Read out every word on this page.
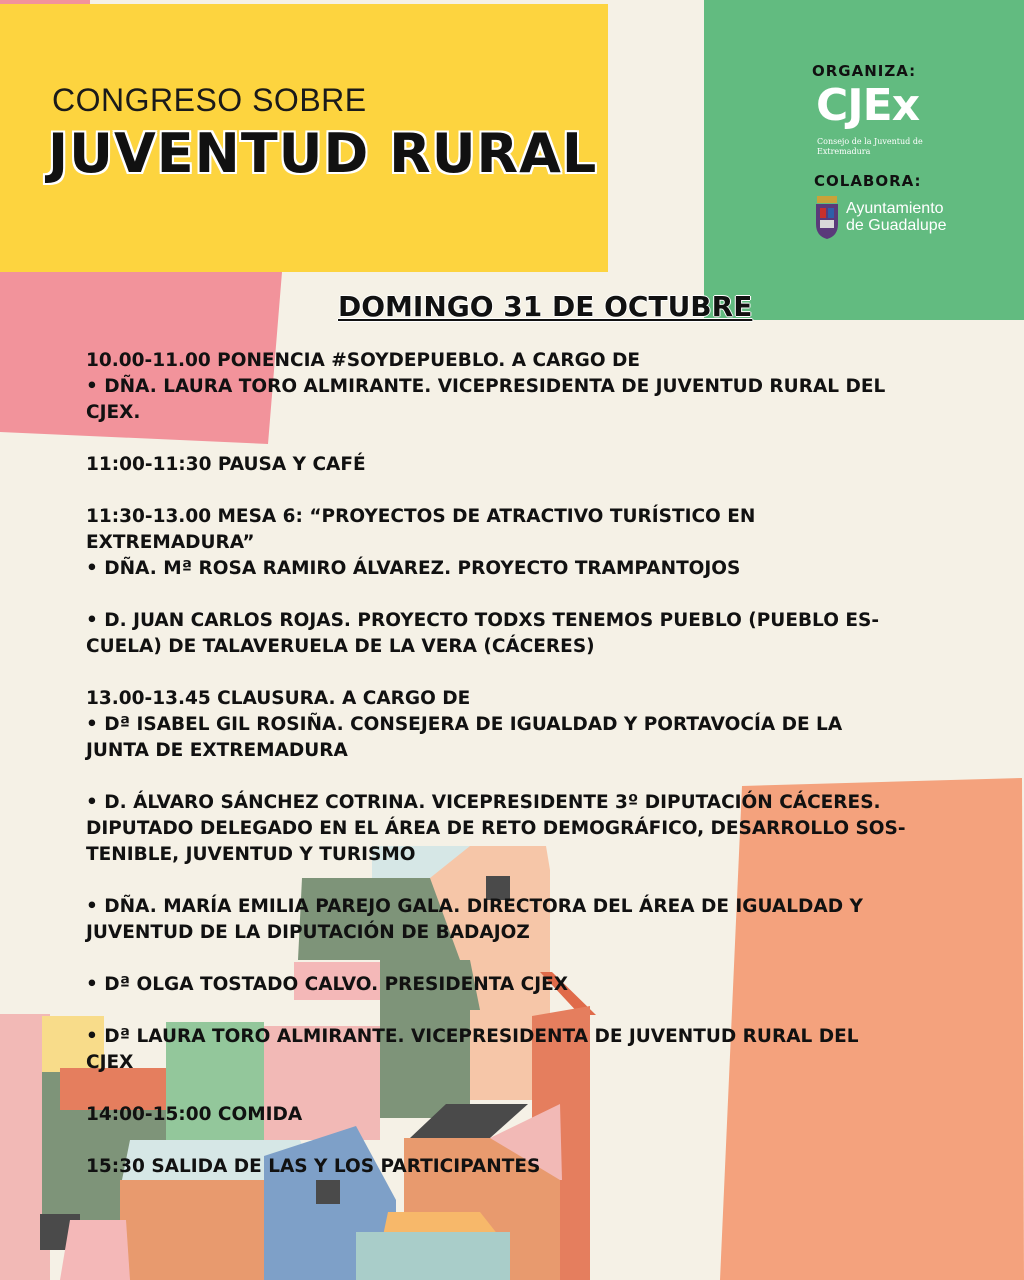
CONGRESO SOBRE
JUVENTUD RURAL
ORGANIZA:
CJEx
Consejo de la Juventud de Extremadura
COLABORA:
Ayuntamiento
de Guadalupe
DOMINGO 31 DE OCTUBRE
10.00-11.00 PONENCIA #SOYDEPUEBLO. A CARGO DE
• DÑA. LAURA TORO ALMIRANTE. VICEPRESIDENTA DE JUVENTUD RURAL DEL
CJEX.
11:00-11:30 PAUSA Y CAFÉ
11:30-13.00 MESA 6: “PROYECTOS DE ATRACTIVO TURÍSTICO EN
EXTREMADURA”
• DÑA. Mª ROSA RAMIRO ÁLVAREZ. PROYECTO TRAMPANTOJOS
• D. JUAN CARLOS ROJAS. PROYECTO TODXS TENEMOS PUEBLO (PUEBLO ES-
CUELA) DE TALAVERUELA DE LA VERA (CÁCERES)
13.00-13.45 CLAUSURA. A CARGO DE
• Dª ISABEL GIL ROSIÑA. CONSEJERA DE IGUALDAD Y PORTAVOCÍA DE LA
JUNTA DE EXTREMADURA
• D. ÁLVARO SÁNCHEZ COTRINA. VICEPRESIDENTE 3º DIPUTACIÓN CÁCERES.
DIPUTADO DELEGADO EN EL ÁREA DE RETO DEMOGRÁFICO, DESARROLLO SOS-
TENIBLE, JUVENTUD Y TURISMO
• DÑA. MARÍA EMILIA PAREJO GALA. DIRECTORA DEL ÁREA DE IGUALDAD Y
JUVENTUD DE LA DIPUTACIÓN DE BADAJOZ
• Dª OLGA TOSTADO CALVO. PRESIDENTA CJEX
• Dª LAURA TORO ALMIRANTE. VICEPRESIDENTA DE JUVENTUD RURAL DEL
CJEX
14:00-15:00 COMIDA
15:30 SALIDA DE LAS Y LOS PARTICIPANTES
